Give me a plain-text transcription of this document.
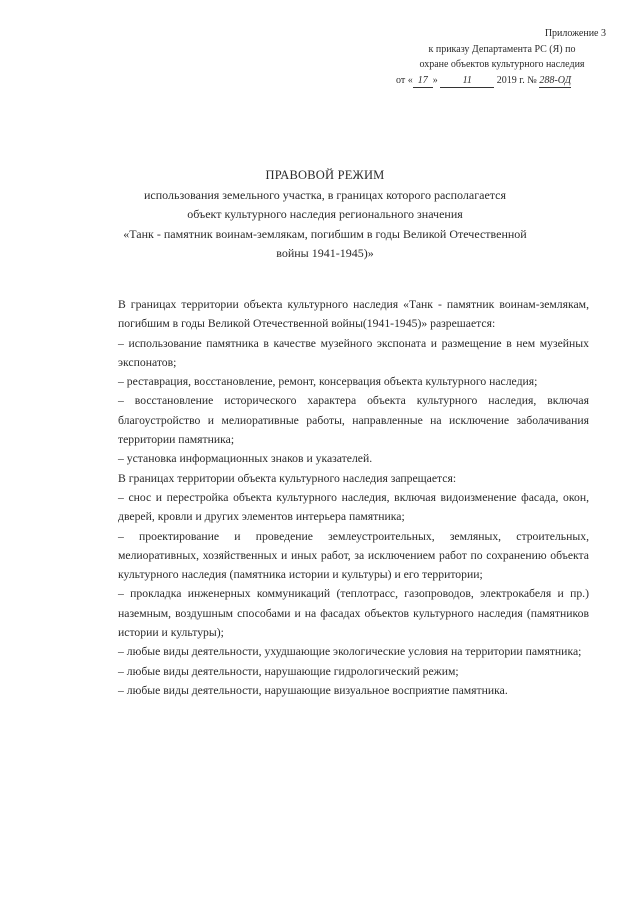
Приложение 3
к приказу Департамента РС (Я) по
охране объектов культурного наследия
от « 17 » 11 2019 г. № 288-ОД
ПРАВОВОЙ РЕЖИМ
использования земельного участка, в границах которого располагается
объект культурного наследия регионального значения
«Танк - памятник воинам-землякам, погибшим в годы Великой Отечественной
войны 1941-1945)»

В границах территории объекта культурного наследия «Танк - памятник воинам-землякам, погибшим в годы Великой Отечественной войны(1941-1945)» разрешается:

– использование памятника в качестве музейного экспоната и размещение в нем музейных экспонатов;

– реставрация, восстановление, ремонт, консервация объекта культурного наследия;

– восстановление исторического характера объекта культурного наследия, включая благоустройство и мелиоративные работы, направленные на исключение заболачивания территории памятника;

– установка информационных знаков и указателей.

В границах территории объекта культурного наследия запрещается:

– снос и перестройка объекта культурного наследия, включая видоизменение фасада, окон, дверей, кровли и других элементов интерьера памятника;

– проектирование и проведение землеустроительных, земляных, строительных, мелиоративных, хозяйственных и иных работ, за исключением работ по сохранению объекта культурного наследия (памятника истории и культуры) и его территории;

– прокладка инженерных коммуникаций (теплотрасс, газопроводов, электрокабеля и пр.) наземным, воздушным способами и на фасадах объектов культурного наследия (памятников истории и культуры);

– любые виды деятельности, ухудшающие экологические условия на территории памятника;

– любые виды деятельности, нарушающие гидрологический режим;

– любые виды деятельности, нарушающие визуальное восприятие памятника.
